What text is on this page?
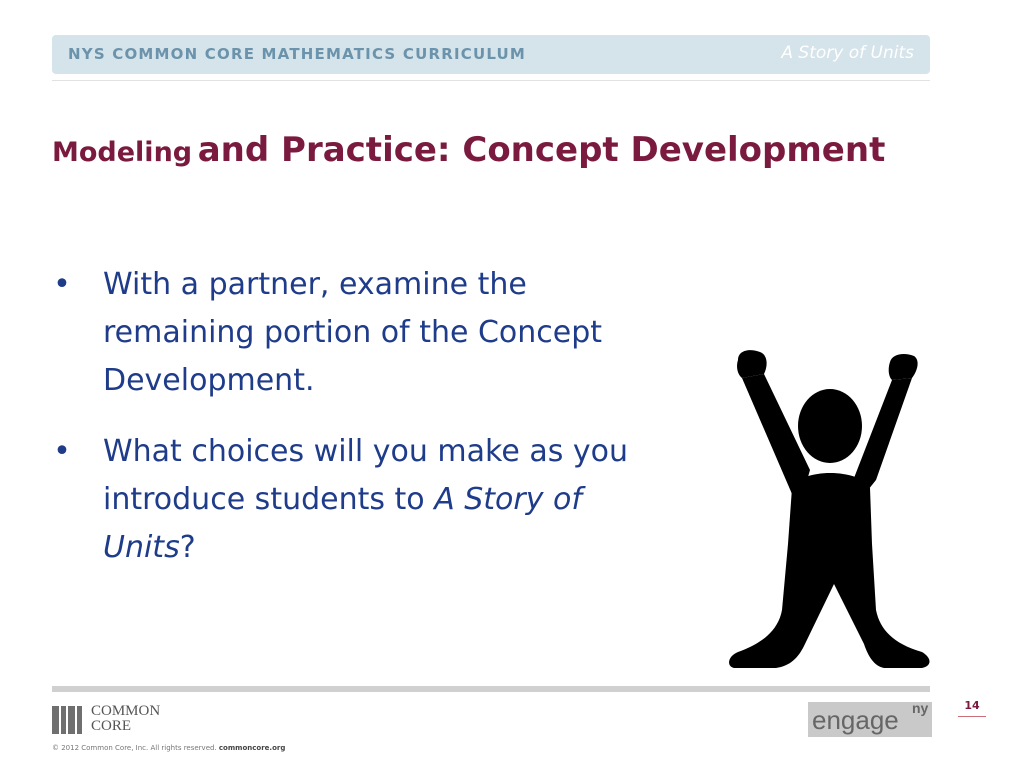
NYS COMMON CORE MATHEMATICS CURRICULUM	A Story of Units
Modeling and Practice: Concept Development
• With a partner, examine the remaining portion of the Concept Development.
• What choices will you make as you introduce students to A Story of Units?
COMMON
CORE
© 2012 Common Core, Inc. All rights reserved. commoncore.org
engage ny	14
